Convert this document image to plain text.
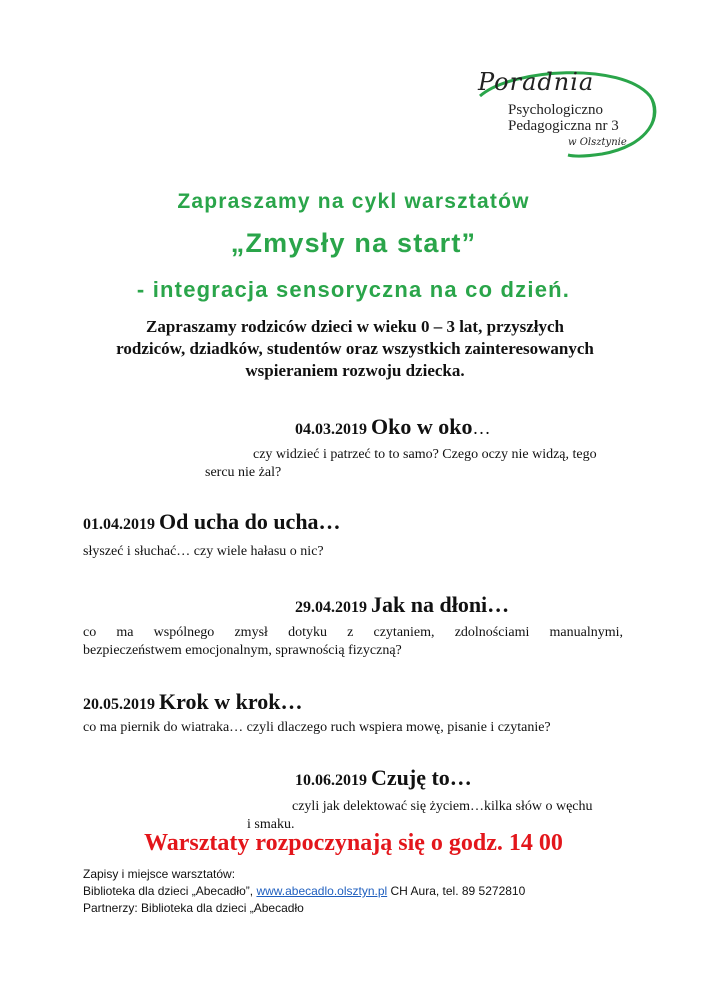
Poradnia
Psychologiczno
Pedagogiczna nr 3
w Olsztynie
Zapraszamy na cykl warsztatów
„Zmysły na start”
- integracja sensoryczna na co dzień.
Zapraszamy rodziców dzieci w wieku 0 – 3 lat, przyszłych
rodziców, dziadków, studentów oraz wszystkich zainteresowanych
wspieraniem rozwoju dziecka.
04.03.2019 Oko w oko…
czy widzieć i patrzeć to to samo? Czego oczy nie widzą, tego
sercu nie żal?
01.04.2019 Od ucha do ucha…
słyszeć i słuchać… czy wiele hałasu o nic?
29.04.2019 Jak na dłoni…
co ma wspólnego zmysł dotyku z czytaniem, zdolnościami manualnymi,
bezpieczeństwem emocjonalnym, sprawnością fizyczną?
20.05.2019 Krok w krok…
co ma piernik do wiatraka… czyli dlaczego ruch wspiera mowę, pisanie i czytanie?
10.06.2019 Czuję to…
czyli jak delektować się życiem…kilka słów o węchu
i smaku.
Warsztaty rozpoczynają się o godz. 14 00
Zapisy i miejsce warsztatów:
Biblioteka dla dzieci „Abecadło”, www.abecadlo.olsztyn.pl CH Aura, tel. 89 5272810
Partnerzy: Biblioteka dla dzieci „Abecadło
